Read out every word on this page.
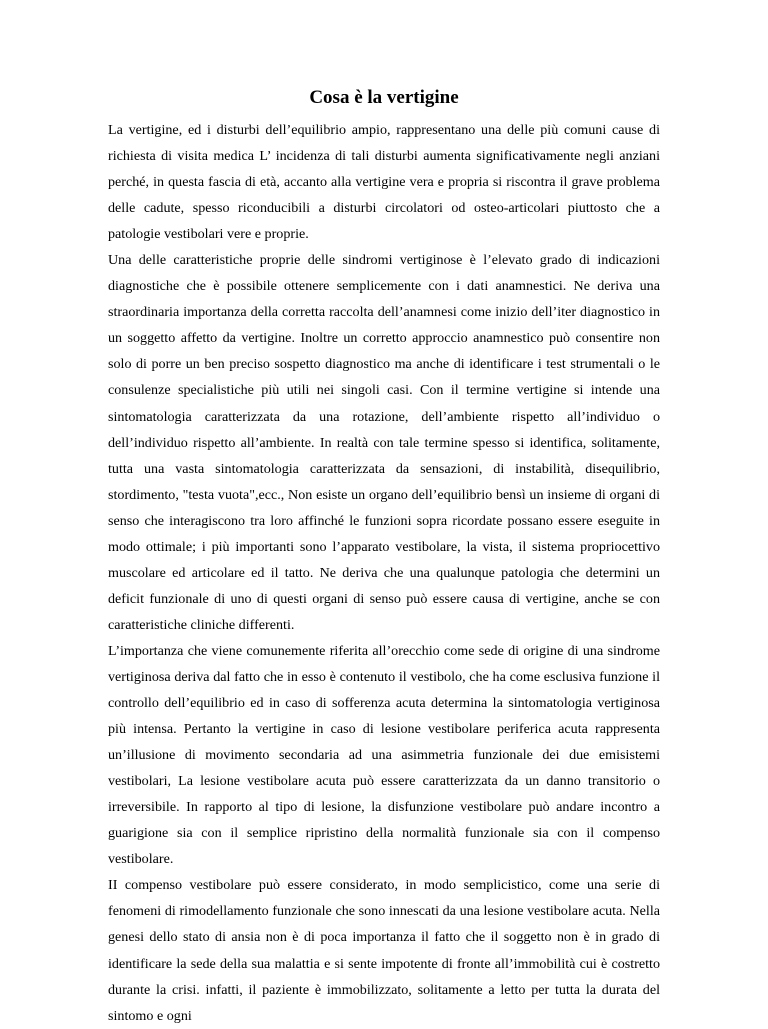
Cosa è la vertigine

La vertigine, ed i disturbi dell’equilibrio ampio, rappresentano una delle più comuni cause di richiesta di visita medica L’ incidenza di tali disturbi aumenta significativamente negli anziani perché, in questa fascia di età, accanto alla vertigine vera e propria si riscontra il grave problema delle cadute, spesso riconducibili a disturbi circolatori od osteo-articolari piuttosto che a patologie vestibolari vere e proprie.

Una delle caratteristiche proprie delle sindromi vertiginose è l’elevato grado di indicazioni diagnostiche che è possibile ottenere semplicemente con i dati anamnestici. Ne deriva una straordinaria importanza della corretta raccolta dell’anamnesi come inizio dell’iter diagnostico in un soggetto affetto da vertigine. Inoltre un corretto approccio anamnestico può consentire non solo di porre un ben preciso sospetto diagnostico ma anche di identificare i test strumentali o le consulenze specialistiche più utili nei singoli casi. Con il termine vertigine si intende una sintomatologia caratterizzata da una rotazione, dell’ambiente rispetto all’individuo o dell’individuo rispetto all’ambiente. In realtà con tale termine spesso si identifica, solitamente, tutta una vasta sintomatologia caratterizzata da sensazioni, di instabilità, disequilibrio, stordimento, "testa vuota",ecc., Non esiste un organo dell’equilibrio bensì un insieme di organi di senso che interagiscono tra loro affinché le funzioni sopra ricordate possano essere eseguite in modo ottimale; i più importanti sono l’apparato vestibolare, la vista, il sistema propriocettivo muscolare ed articolare ed il tatto. Ne deriva che una qualunque patologia che determini un deficit funzionale di uno di questi organi di senso può essere causa di vertigine, anche se con caratteristiche cliniche differenti.

L’importanza che viene comunemente riferita all’orecchio come sede di origine di una sindrome vertiginosa deriva dal fatto che in esso è contenuto il vestibolo, che ha come esclusiva funzione il controllo dell’equilibrio ed in caso di sofferenza acuta determina la sintomatologia vertiginosa più intensa. Pertanto la vertigine in caso di lesione vestibolare periferica acuta rappresenta un’illusione di movimento secondaria ad una asimmetria funzionale dei due emisistemi vestibolari, La lesione vestibolare acuta può essere caratterizzata da un danno transitorio o irreversibile. In rapporto al tipo di lesione, la disfunzione vestibolare può andare incontro a guarigione sia con il semplice ripristino della normalità funzionale sia con il compenso vestibolare.

II compenso vestibolare può essere considerato, in modo semplicistico, come una serie di fenomeni di rimodellamento funzionale che sono innescati da una lesione vestibolare acuta. Nella genesi dello stato di ansia non è di poca importanza il fatto che il soggetto non è in grado di identificare la sede della sua malattia e si sente impotente di fronte all’immobilità cui è costretto durante la crisi. infatti, il paziente è immobilizzato, solitamente a letto per tutta la durata del sintomo e ogni
